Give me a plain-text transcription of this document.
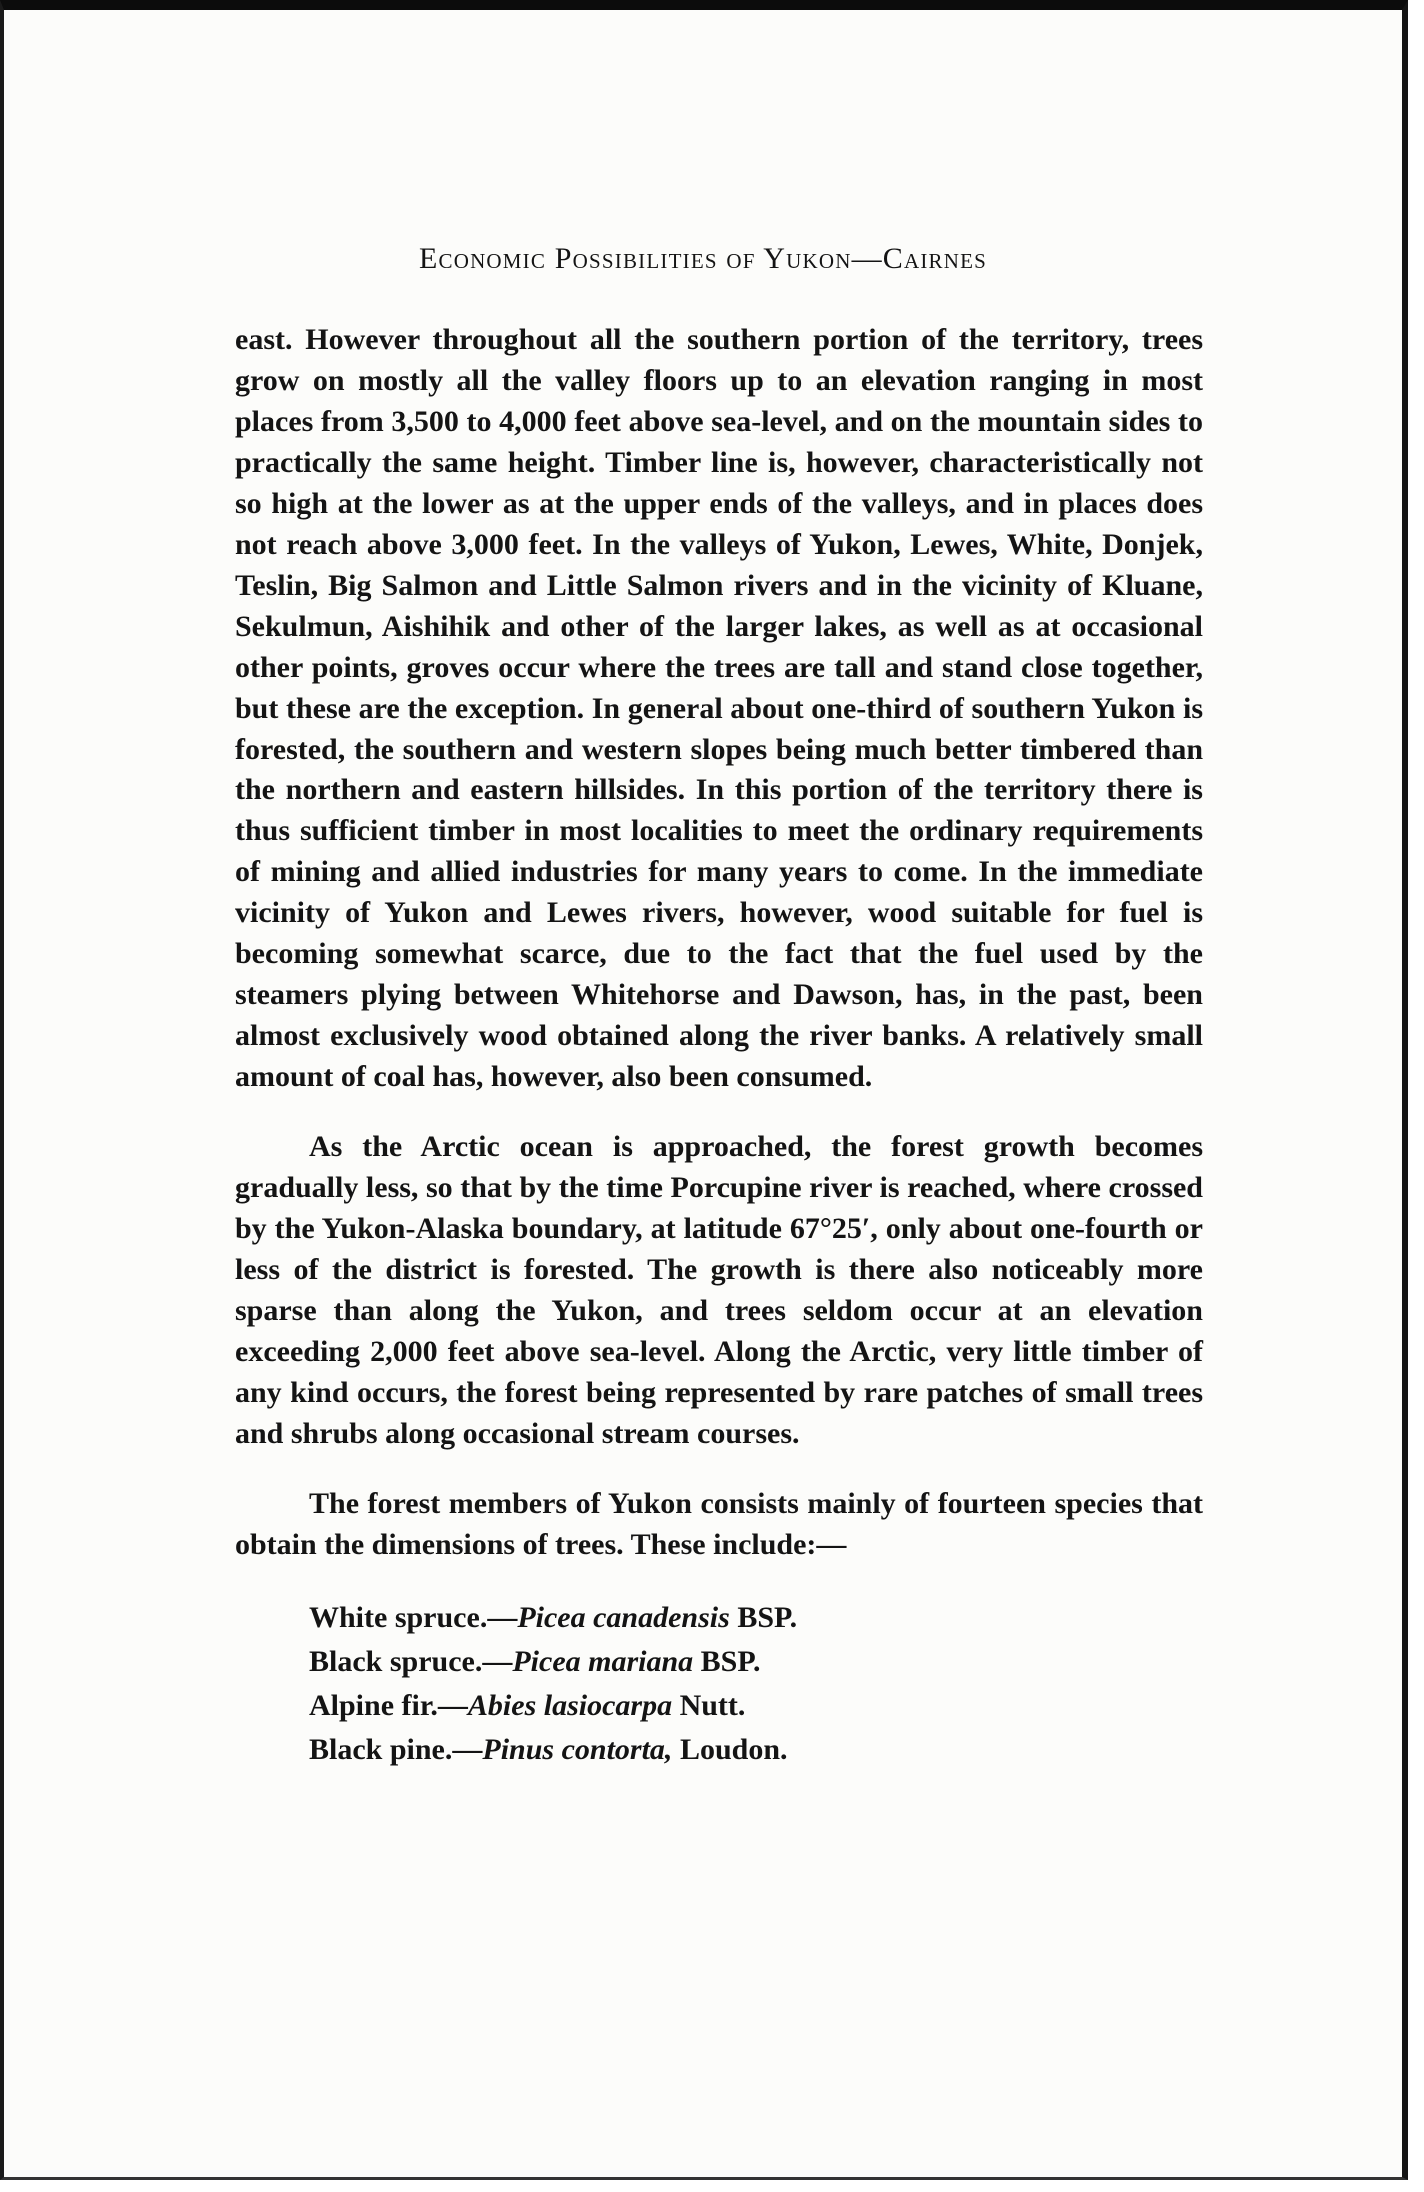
Economic Possibilities of Yukon—Cairnes

east. However throughout all the southern portion of the territory, trees grow on mostly all the valley floors up to an elevation ranging in most places from 3,500 to 4,000 feet above sea-level, and on the mountain sides to practically the same height. Timber line is, however, characteristically not so high at the lower as at the upper ends of the valleys, and in places does not reach above 3,000 feet. In the valleys of Yukon, Lewes, White, Donjek, Teslin, Big Salmon and Little Salmon rivers and in the vicinity of Kluane, Sekulmun, Aishihik and other of the larger lakes, as well as at occasional other points, groves occur where the trees are tall and stand close together, but these are the exception. In general about one-third of southern Yukon is forested, the southern and western slopes being much better timbered than the northern and eastern hillsides. In this portion of the territory there is thus sufficient timber in most localities to meet the ordinary requirements of mining and allied industries for many years to come. In the immediate vicinity of Yukon and Lewes rivers, however, wood suitable for fuel is becoming somewhat scarce, due to the fact that the fuel used by the steamers plying between Whitehorse and Dawson, has, in the past, been almost exclusively wood obtained along the river banks. A relatively small amount of coal has, however, also been consumed.

As the Arctic ocean is approached, the forest growth becomes gradually less, so that by the time Porcupine river is reached, where crossed by the Yukon-Alaska boundary, at latitude 67°25′, only about one-fourth or less of the district is forested. The growth is there also noticeably more sparse than along the Yukon, and trees seldom occur at an elevation exceeding 2,000 feet above sea-level. Along the Arctic, very little timber of any kind occurs, the forest being represented by rare patches of small trees and shrubs along occasional stream courses.

The forest members of Yukon consists mainly of fourteen species that obtain the dimensions of trees. These include:—

White spruce.—Picea canadensis BSP.
Black spruce.—Picea mariana BSP.
Alpine fir.—Abies lasiocarpa Nutt.
Black pine.—Pinus contorta, Loudon.
